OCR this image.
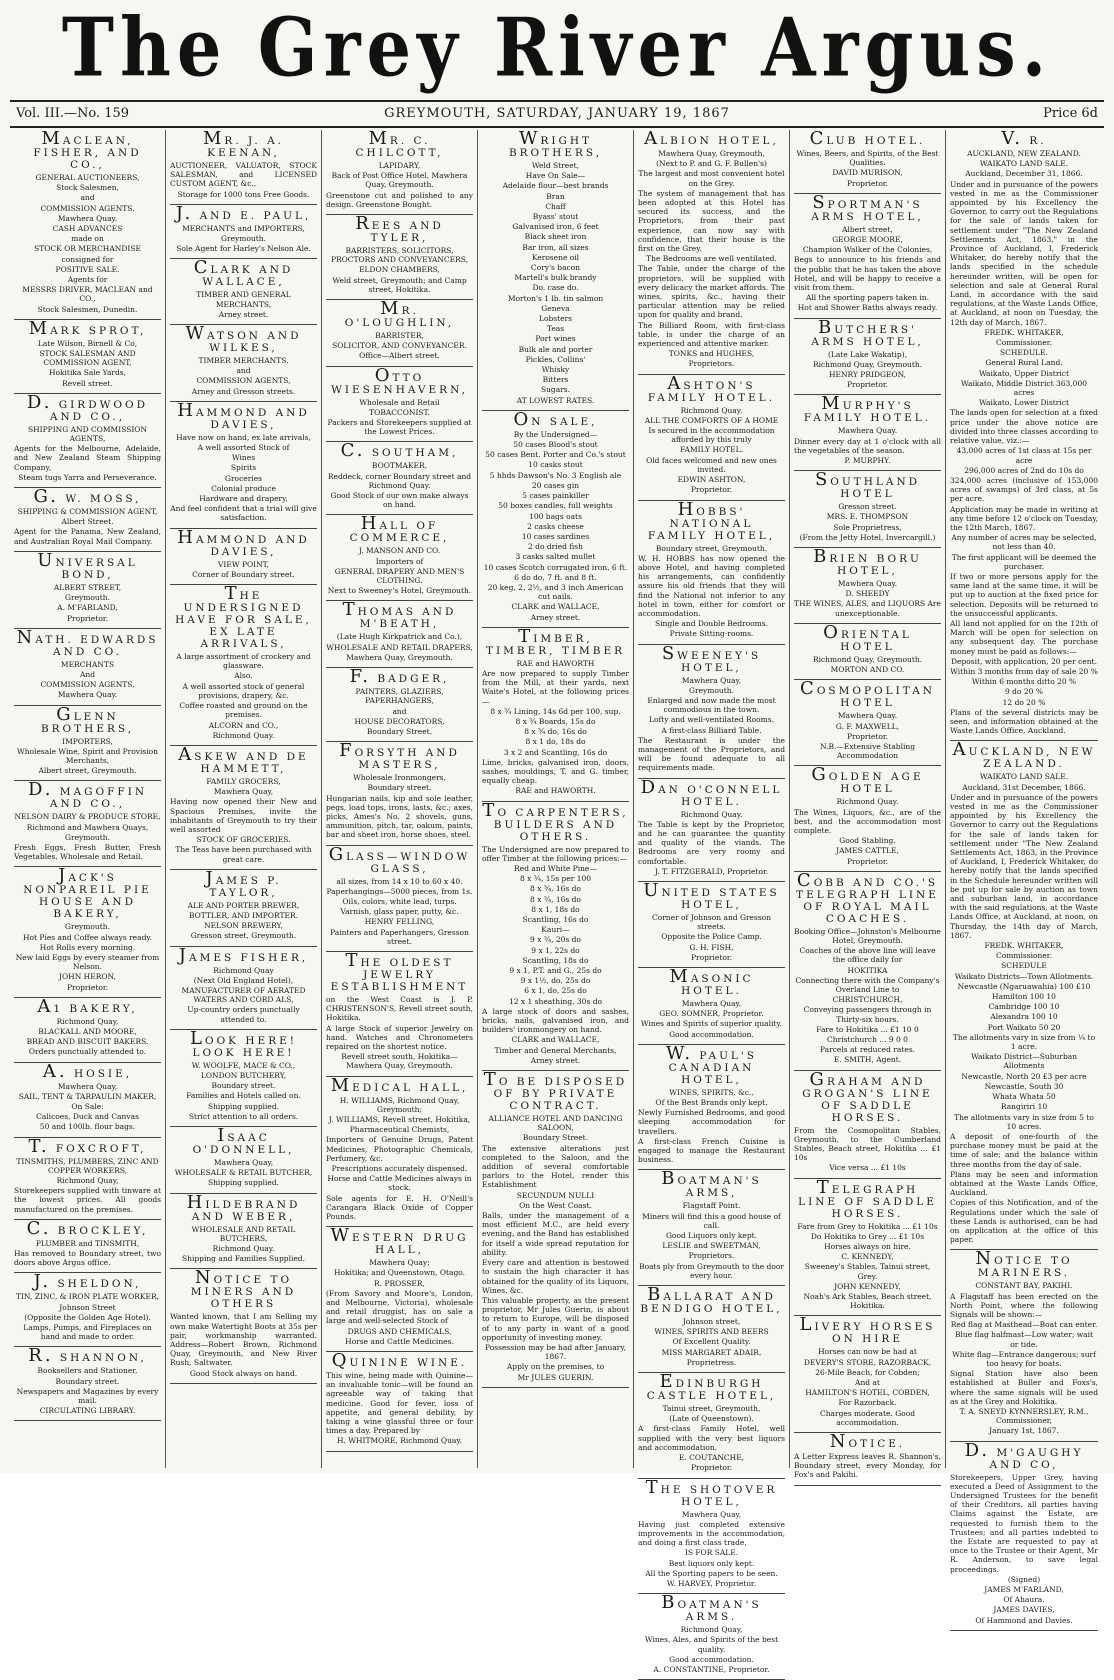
The Grey River Argus.
Vol. III.—No. 159	GREYMOUTH, SATURDAY, JANUARY 19, 1867	Price 6d
MACLEAN, FISHER, AND CO.,

GENERAL AUCTIONEERS,

Stock Salesmen,

and

COMMISSION AGENTS,

Mawhera Quay.

CASH ADVANCES

made on

STOCK OR MERCHANDISE

consigned for

POSITIVE SALE.

Agents for

MESSRS DRIVER, MACLEAN and CO.,

Stock Salesmen, Dunedin.

MARK SPROT,

Late Wilson, Birnell & Co,

STOCK SALESMAN AND COMMISSION AGENT,

Hokitika Sale Yards,

Revell street.

D. GIRDWOOD AND CO.,

SHIPPING AND COMMISSION AGENTS,

Agents for the Melbourne, Adelaide, and New Zealand Steam Shipping Company,

Steam tugs Yarra and Perseverance.

G. W. MOSS,

SHIPPING & COMMISSION AGENT,

Albert Street.

Agent for the Panama, New Zealand, and Australian Royal Mail Company.

UNIVERSAL BOND,

ALBERT STREET,

Greymouth.

A. M'FARLAND,

Proprietor.

NATH. EDWARDS AND CO.

MERCHANTS

And

COMMISSION AGENTS,

Mawhera Quay.

GLENN BROTHERS,

IMPORTERS,

Wholesale Wine, Spirit and Provision Merchants,

Albert street, Greymouth.

D. MAGOFFIN AND CO.,

NELSON DAIRY & PRODUCE STORE,

Richmond and Mawhera Quays,

Greymouth.

Fresh Eggs, Fresh Butter, Fresh Vegetables, Wholesale and Retail.

JACK'S NONPAREIL PIE HOUSE AND BAKERY,

Greymouth.

Hot Pies and Coffee always ready.

Hot Rolls every morning.

New laid Eggs by every steamer from Nelson.

JOHN HERON,

Proprietor.

A1 BAKERY,

Richmond Quay,

BLACKALL AND MOORE,

BREAD AND BISCUIT BAKERS.

Orders punctually attended to.

A. HOSIE,

Mawhera Quay,

SAIL, TENT & TARPAULIN MAKER,

On Sale:

Calicoes, Duck and Canvas

50 and 100lb. flour bags.

T. FOXCROFT,

TINSMITHS, PLUMBERS, ZINC AND COPPER WORKERS,

Richmond Quay,

Storekeepers supplied with tinware at the lowest prices. All goods manufactured on the premises.

C. BROCKLEY,

PLUMBER and TINSMITH,

Has removed to Boundary street, two doors above Argus office.

J. SHELDON,

TIN, ZINC, & IRON PLATE WORKER,

Johnson Street

(Opposite the Golden Age Hotel).

Lamps, Pumps, and Fireplaces on hand and made to order.

R. SHANNON,

Booksellers and Stationer,

Boundary street.

Newspapers and Magazines by every mail.

CIRCULATING LIBRARY.

MR. J. A. KEENAN,

AUCTIONEER, VALUATOR, STOCK SALESMAN, and LICENSED CUSTOM AGENT, &c.,

Storage for 1000 tons Free Goods.

J. AND E. PAUL,

MERCHANTS and IMPORTERS,

Greymouth.

Sole Agent for Harley's Nelson Ale.

CLARK AND WALLACE,

TIMBER AND GENERAL MERCHANTS,

Arney street.

WATSON AND WILKES,

TIMBER MERCHANTS,

and

COMMISSION AGENTS,

Arney and Gresson streets.

HAMMOND AND DAVIES,

Have now on hand, ex late arrivals,

A well assorted Stock of

Wines

Spirits

Groceries

Colonial produce

Hardware and drapery,

And feel confident that a trial will give satisfaction.

HAMMOND AND DAVIES,

VIEW POINT,

Corner of Boundary street.

THE UNDERSIGNED HAVE FOR SALE, EX LATE ARRIVALS,

A large assortment of crockery and glassware.

Also,

A well assorted stock of general provisions, drapery, &c.

Coffee roasted and ground on the premises.

ALCORN and CO.,

Richmond Quay.

ASKEW AND DE HAMMETT,

FAMILY GROCERS,

Mawhera Quay,

Having now opened their New and Spacious Premises, invite the inhabitants of Greymouth to try their well assorted

STOCK OF GROCERIES.

The Teas have been purchased with great care.

JAMES P. TAYLOR,

ALE AND PORTER BREWER,

BOTTLER, AND IMPORTER.

NELSON BREWERY,

Gresson street, Greymouth.

JAMES FISHER,

Richmond Quay

(Next Old England Hotel),

MANUFACTURER OF AERATED WATERS AND CORD ALS,

Up-country orders punctually attended to.

LOOK HERE! LOOK HERE!

W. WOOLFE, MACE & CO.,

LONDON BUTCHERY,

Boundary street.

Families and Hotels called on.

Shipping supplied.

Strict attention to all orders.

ISAAC O'DONNELL,

Mawhera Quay,

WHOLESALE & RETAIL BUTCHER,

Shipping supplied.

HILDEBRAND AND WEBER,

WHOLESALE AND RETAIL BUTCHERS,

Richmond Quay.

Shipping and Families Supplied.

NOTICE TO MINERS AND OTHERS

Wanted known, that I am Selling my own make Watertight Boots at 35s per pair, workmanship warranted. Address—Robert Brown, Richmond Quay, Greymouth, and New River Rush, Saltwater.

Good Stock always on hand.

MR. C. CHILCOTT,

LAPIDARY,

Back of Post Office Hotel, Mawhera Quay, Greymouth.

Greenstone cut and polished to any design. Greenstone Bought.

REES AND TYLER,

BARRISTERS, SOLICITORS, PROCTORS AND CONVEYANCERS,

ELDON CHAMBERS,

Weld street, Greymouth; and Camp street, Hokitika.

MR. O'LOUGHLIN,

BARRISTER,

SOLICITOR, AND CONVEYANCER.

Office—Albert street.

OTTO WIESENHAVERN,

Wholesale and Retail

TOBACCONIST.

Packers and Storekeepers supplied at the Lowest Prices.

C. SOUTHAM,

BOOTMAKER,

Reddeck, corner Boundary street and Richmond Quay.

Good Stock of our own make always on hand.

HALL OF COMMERCE,

J. MANSON AND CO.

Importers of

GENERAL DRAPERY AND MEN'S CLOTHING.

Next to Sweeney's Hotel, Greymouth.

THOMAS AND M'BEATH,

(Late Hugh Kirkpatrick and Co.),

WHOLESALE AND RETAIL DRAPERS,

Mawhera Quay, Greymouth.

F. BADGER,

PAINTERS, GLAZIERS, PAPERHANGERS,

and

HOUSE DECORATORS,

Boundary Street.

FORSYTH AND MASTERS,

Wholesale Ironmongers,

Boundary street.

Hungarian nails, kip and sole leather, pegs, load tops, irons, lasts, &c.; axes, picks, Ames's No. 2 shovels, guns, ammunition, pitch, tar, oakum, paints, bar and sheet iron, horse shoes, steel.

GLASS—WINDOW GLASS,

all sizes, from 14 x 10 to 60 x 40.

Paperhangings—5000 pieces, from 1s.

Oils, colors, white lead, turps.

Varnish, glass paper, putty, &c.

HENRY FELLING,

Painters and Paperhangers, Gresson street.

THE OLDEST JEWELRY ESTABLISHMENT

on the West Coast is J. P. CHRISTENSON'S, Revell street south, Hokitika.

A large Stock of superior Jewelry on hand. Watches and Chronometers repaired on the shortest notice.

Revell street south, Hokitika—Mawhera Quay, Greymouth.

MEDICAL HALL,

H. WILLIAMS, Richmond Quay, Greymouth;

J. WILLIAMS, Revell street, Hokitika,

Pharmaceutical Chemists,

Importers of Genuine Drugs, Patent Medicines, Photographic Chemicals, Perfumery, &c.

Prescriptions accurately dispensed.

Horse and Cattle Medicines always in stock.

Sole agents for E. H. O'Neill's Carangara Black Oxide of Copper Pounds.

WESTERN DRUG HALL,

Mawhera Quay;

Hokitika; and Queenstown, Otago.

R. PROSSER,

(From Savory and Moore's, London, and Melbourne, Victoria), wholesale and retail druggist, has on sale a large and well-selected Stock of

DRUGS AND CHEMICALS,

Horse and Cattle Medicines.

QUININE WINE.

This wine, being made with Quinine—an invaluable tonic—will be found an agreeable way of taking that medicine. Good for fever, loss of appetite, and general debility, by taking a wine glassful three or four times a day. Prepared by

H. WHITMORE, Richmond Quay.

WRIGHT BROTHERS,

Weld Street,

Have On Sale—

Adelaide flour—best brands

Bran

Chaff

Byass' stout

Galvanised iron, 6 feet

Black sheet iron

Bar iron, all sizes

Kerosene oil

Cory's bacon

Martell's bulk brandy

Do. case do.

Morton's 1 lb. tin salmon

Geneva

Lobsters

Teas

Port wines

Bulk ale and porter

Pickles, Collins'

Whisky

Bitters

Sugars.

AT LOWEST RATES.

ON SALE,

By the Undersigned—

50 cases Blood's stout

50 cases Bent. Porter and Co.'s stout

10 casks stout

5 hhds Dawson's No. 3 English ale

20 cases gin

5 cases painkiller

50 boxes candles, full weights

100 bags oats

2 casks cheese

10 cases sardines

2 do dried fish

3 casks salted mullet

10 cases Scotch corrugated iron, 6 ft.

6 do do, 7 ft. and 8 ft.

20 keg, 2, 2½, and 3 inch American cut nails.

CLARK and WALLACE,

Arney street.

TIMBER, TIMBER, TIMBER

RAE and HAWORTH

Are now prepared to supply Timber from the Mill, at their yards, next Waite's Hotel, at the following prices—

8 x ¾ Lining, 14s 6d per 100, sup.

8 x ¾ Boards, 15s do

8 x ¾ do, 16s do

8 x 1 do, 18s do

3 x 2 and Scantling, 16s do

Lime, bricks, galvanised iron, doors, sashes, mouldings, T. and G. timber, equally cheap.

RAE and HAWORTH.

TO CARPENTERS, BUILDERS AND OTHERS.

The Undersigned are now prepared to offer Timber at the following prices:—

Red and White Pine—

8 x ¾, 15s per 100

8 x ¾, 16s do

8 x ¾, 16s do

8 x 1, 18s do

Scantling, 16s do

Kauri—

9 x ¾, 20s do

9 x 1, 22s do

Scantling, 18s do

9 x 1, P.T. and G., 25s do

9 x 1½, do, 25s do

6 x 1, do, 25s do

12 x 1 sheathing, 30s do

A large stock of doors and sashes, bricks, nails, galvanised iron, and builders' ironmongery on hand.

CLARK and WALLACE,

Timber and General Merchants,

Arney street.

TO BE DISPOSED OF BY PRIVATE CONTRACT.

ALLIANCE HOTEL AND DANCING SALOON,

Boundary Street.

The extensive alterations just completed to the Saloon, and the addition of several comfortable parlors to the Hotel, render this Establishment

SECUNDUM NULLI

On the West Coast.

Balls, under the management of a most efficient M.C., are held every evening, and the Band has established for itself a wide spread reputation for ability.

Every care and attention is bestowed to sustain the high character it has obtained for the quality of its Liquors, Wines, &c.

This valuable property, as the present proprietor, Mr Jules Guerin, is about to return to Europe, will be disposed of to any party in want of a good opportunity of investing money.

Possession may be had after January, 1867.

Apply on the premises, to

Mr JULES GUERIN.

ALBION HOTEL,

Mawhera Quay, Greymouth,

(Next to P. and G. F. Bullen's)

The largest and most convenient hotel on the Grey.

The system of management that has been adopted at this Hotel has secured its success, and the Proprietors, from their past experience, can now say with confidence, that their house is the first on the Grey.

The Bedrooms are well ventilated.

The Table, under the charge of the proprietors, will be supplied with every delicacy the market affords. The wines, spirits, &c., having their particular attention may be relied upon for quality and brand.

The Billiard Room, with first-class table, is under the charge of an experienced and attentive marker.

TONKS and HUGHES,

Proprietors.

ASHTON'S FAMILY HOTEL.

Richmond Quay.

ALL THE COMFORTS OF A HOME

Is secured in the accommodation afforded by this truly

FAMILY HOTEL.

Old faces welcomed and new ones invited.

EDWIN ASHTON,

Proprietor.

HOBBS' NATIONAL FAMILY HOTEL,

Boundary street, Greymouth.

W. H. HOBBS has now opened the above Hotel, and having completed his arrangements, can confidently assure his old friends that they will find the National not inferior to any hotel in town, either for comfort or accommodation.

Single and Double Bedrooms.

Private Sitting-rooms.

SWEENEY'S HOTEL,

Mawhera Quay,

Greymouth.

Enlarged and now made the most commodious in the town.

Lofty and well-ventilated Rooms.

A first-class Billiard Table.

The Restaurant is under the management of the Proprietors, and will be found adequate to all requirements made.

DAN O'CONNELL HOTEL.

Richmond Quay.

The Table is kept by the Proprietor, and he can guarantee the quantity and quality of the viands. The Bedrooms are very roomy and comfortable.

J. T. FITZGERALD, Proprietor.

UNITED STATES HOTEL,

Corner of Johnson and Gresson streets.

Opposite the Police Camp.

G. H. FISH,

Proprietor.

MASONIC HOTEL.

Mawhera Quay,

GEO. SOMNER, Proprietor.

Wines and Spirits of superior quality.

Good accommodation.

W. PAUL'S CANADIAN HOTEL,

WINES, SPIRITS, &c.,

Of the Best Brands only kept.

Newly Furnished Bedrooms, and good sleeping accommodation for travellers.

A first-class French Cuisine is engaged to manage the Restaurant business.

BOATMAN'S ARMS,

Flagstaff Point.

Miners will find this a good house of call.

Good Liquors only kept.

LESLIE and SWEETMAN,

Proprietors.

Boats ply from Greymouth to the door every hour.

BALLARAT AND BENDIGO HOTEL,

Johnson street,

WINES, SPIRITS AND BEERS

Of Excellent Quality.

MISS MARGARET ADAIR,

Proprietress.

EDINBURGH CASTLE HOTEL,

Tainui street, Greymouth,

(Late of Queenstown).

A first-class Family Hotel, well supplied with the very best liquors and accommodation.

E. COUTANCHE,

Proprietor.

THE SHOTOVER HOTEL,

Mawhera Quay,

Having just completed extensive improvements in the accommodation, and doing a first class trade,

IS FOR SALE.

Best liquors only kept.

All the Sporting papers to be seen.

W. HARVEY, Proprietor.

BOATMAN'S ARMS.

Richmond Quay,

Wines, Ales, and Spirits of the best quality.

Good accommodation.

A. CONSTANTINE, Proprietor.

CLUB HOTEL.

Wines, Beers, and Spirits, of the Best Qualities.

DAVID MURISON,

Proprietor.

SPORTMAN'S ARMS HOTEL,

Albert street,

GEORGE MOORE,

Champion Walker of the Colonies,

Begs to announce to his friends and the public that he has taken the above Hotel, and will be happy to receive a visit from them.

All the sporting papers taken in.

Hot and Shower Baths always ready.

BUTCHERS' ARMS HOTEL,

(Late Lake Wakatip),

Richmond Quay, Greymouth.

HENRY PRIDGEON,

Proprietor.

MURPHY'S FAMILY HOTEL.

Mawhera Quay.

Dinner every day at 1 o'clock with all the vegetables of the season.

P. MURPHY.

SOUTHLAND HOTEL

Gresson street.

MRS. E. THOMPSON

Sole Proprietress,

(From the Jetty Hotel, Invercargill.)

BRIEN BORU HOTEL,

Mawhera Quay.

D. SHEEDY

THE WINES, ALES, and LIQUORS Are unexceptionable.

ORIENTAL HOTEL

Richmond Quay, Greymouth.

MORTON AND CO.

COSMOPOLITAN HOTEL

Mawhera Quay.

G. F. MAXWELL,

Proprietor.

N.B.—Extensive Stabling Accommodation

GOLDEN AGE HOTEL

Richmond Quay.

The Wines, Liquors, &c., are of the best, and the accommodation most complete.

Good Stabling.

JAMES CATTLE,

Proprietor.

COBB AND CO.'S TELEGRAPH LINE OF ROYAL MAIL COACHES.

Booking Office—Johnston's Melbourne Hotel, Greymouth.

Coaches of the above line will leave the office daily for

HOKITIKA

Connecting there with the Company's Overland Line to

CHRISTCHURCH,

Conveying passengers through in Thirty-six hours.

Fare to Hokitika ... £1 10 0

Christchurch ... 9 0 0

Parcels at reduced rates.

E. SMITH, Agent.

GRAHAM AND GROGAN'S LINE OF SADDLE HORSES.

From the Cosmopolitan Stables, Greymouth, to the Cumberland Stables, Beach street, Hokitika ... £1 10s

Vice versa ... £1 10s

TELEGRAPH LINE OF SADDLE HORSES.

Fare from Grey to Hokitika ... £1 10s

Do Hokitika to Grey ... £1 10s

Horses always on hire.

C. KENNEDY,

Sweeney's Stables, Tainui street, Grey.

JOHN KENNEDY,

Noah's Ark Stables, Beach street, Hokitika.

LIVERY HORSES ON HIRE

Horses can now be had at

DEVERY'S STORE, RAZORBACK,

26-Mile Beach, for Cobden;

And at

HAMILTON'S HOTEL, COBDEN,

For Razorback.

Charges moderate. Good accommodation.

NOTICE.

A Letter Express leaves R. Shannon's, Boundary street, every Monday, for Fox's and Pakihi.

V. R.

AUCKLAND, NEW ZEALAND.

WAIKATO LAND SALE.

Auckland, December 31, 1866.

Under and in pursuance of the powers vested in me as the Commissioner appointed by his Excellency the Governor, to carry out the Regulations for the sale of lands taken for settlement under "The New Zealand Settlements Act, 1863," in the Province of Auckland, I, Frederick Whitaker, do hereby notify that the lands specified in the schedule hereunder written, will be open for selection and sale at General Rural Land, in accordance with the said regulations, at the Waste Lands Office, at Auckland, at noon on Tuesday, the 12th day of March, 1867.

FREDK. WHITAKER,

Commissioner.

SCHEDULE.

General Rural Land.

Waikato, Upper District

Waikato, Middle District 363,000 acres

Waikato, Lower District

The lands open for selection at a fixed price under the above notice are divided into three classes according to relative value, viz.:—

43,000 acres of 1st class at 15s per acre

296,000 acres of 2nd do 10s do

324,000 acres (inclusive of 153,000 acres of swamps) of 3rd class, at 5s per acre.

Application may be made in writing at any time before 12 o'clock on Tuesday, the 12th March, 1867.

Any number of acres may be selected, not less than 40.

The first applicant will be deemed the purchaser.

If two or more persons apply for the same land at the same time, it will be put up to auction at the fixed price for selection. Deposits will be returned to the unsuccessful applicants.

All land not applied for on the 12th of March will be open for selection on any subsequent day. The purchase money must be paid as follows:—

Deposit, with application, 20 per cent.

Within 3 months from day of sale 20 %

Within 6 months ditto 20 %

9 do 20 %

12 do 20 %

Plans of the several districts may be seen, and information obtained at the Waste Lands Office, Auckland.

AUCKLAND, NEW ZEALAND.

WAIKATO LAND SALE.

Auckland, 31st December, 1866.

Under and in pursuance of the powers vested in me as the Commissioner appointed by his Excellency the Governor to carry out the Regulations for the sale of lands taken for settlement under "The New Zealand Settlements Act, 1863, in the Province of Auckland, I, Frederick Whitaker, do hereby notify that the lands specified in the Schedule hereunder written will be put up for sale by auction as town and suburban land, in accordance with the said regulations, at the Waste Lands Office, at Auckland, at noon, on Thursday, the 14th day of March, 1867.

FREDK. WHITAKER,

Commissioner.

SCHEDULE

Waikato Districts—Town Allotments.

Newcastle (Ngaruawahia) 100 £10

Hamilton 100 10

Cambridge 100 10

Alexandra 100 10

Port Waikato 50 20

The allotments vary in size from ¼ to 1 acre.

Waikato District—Suburban Allotments

Newcastle, North 20 £3 per acre

Newcastle, South 30

Whata Whata 50

Rangiriri 10

The allotments vary in size from 5 to 10 acres.

A deposit of one-fourth of the purchase money must be paid at the time of sale; and the balance within three months from the day of sale.

Plans may be seen and information obtained at the Waste Lands Office, Auckland.

Copies of this Notification, and of the Regulations under which the sale of these Lands is authorised, can be had on application at the office of this paper.

NOTICE TO MARINERS.

CONSTANT BAY, PAKIHI.

A Flagstaff has been erected on the North Point, where the following Signals will be shown:—

Red flag at Masthead—Boat can enter.

Blue flag halfmast—Low water; wait or tide.

White flag—Entrance dangerous; surf too heavy for boats.

Signal Station have also been established at Buller and Foxs's, where the same signals will be used as at the Grey and Hokitika.

T. A. SNEYD KYNNERSLEY, R.M., Commissioner,

January 1st, 1867.

D. M'GAUGHY AND CO,

Storekeepers, Upper Grey, having executed a Deed of Assignment to the Undersigned Trustees for the benefit of their Creditors, all parties having Claims against the Estate, are requested to furnish them to the Trustees; and all parties indebted to the Estate are requested to pay at once to the Trustee or their Agent, Mr R. Anderson, to save legal proceedings.

(Signed)

JAMES M'FARLAND,

Of Ahaura.

JAMES DAVIES,

Of Hammond and Davies.
